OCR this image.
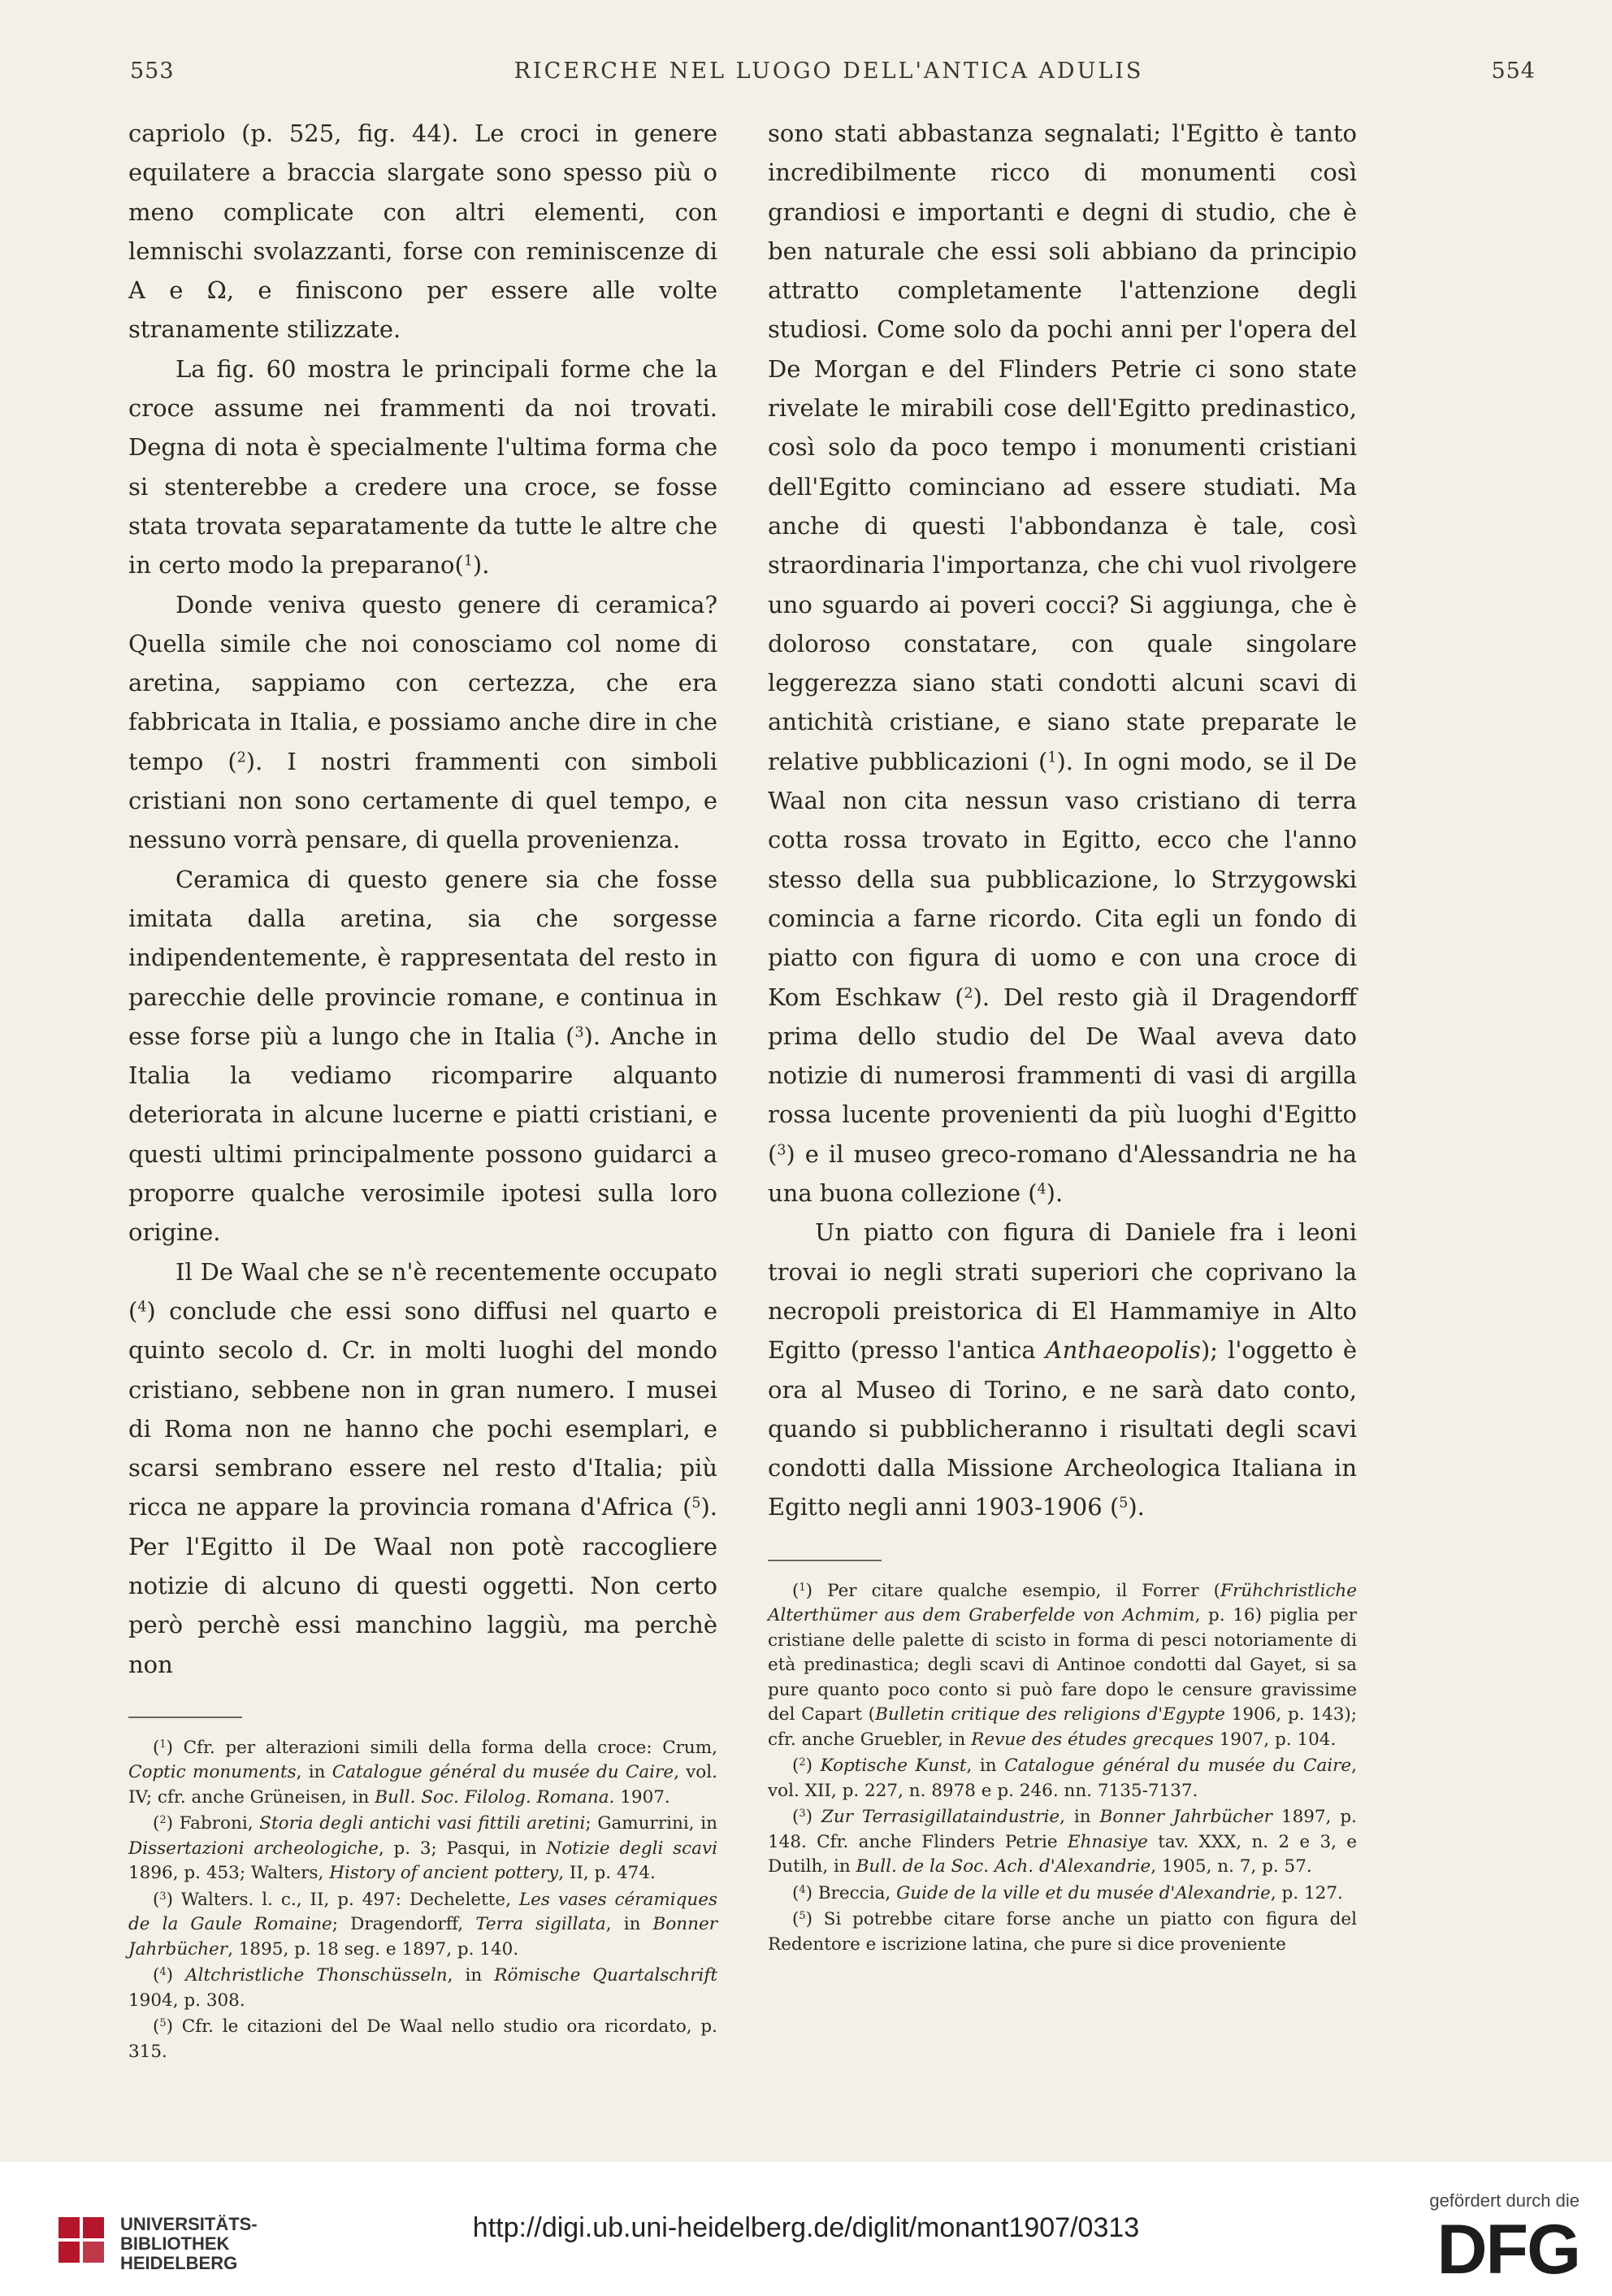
553	RICERCHE NEL LUOGO DELL'ANTICA ADULIS	554

capriolo (p. 525, fig. 44). Le croci in genere equilatere a braccia slargate sono spesso più o meno complicate con altri elementi, con lemnischi svolazzanti, forse con reminiscenze di A e Ω, e finiscono per essere alle volte stranamente stilizzate.

La fig. 60 mostra le principali forme che la croce assume nei frammenti da noi trovati. Degna di nota è specialmente l'ultima forma che si stenterebbe a credere una croce, se fosse stata trovata separatamente da tutte le altre che in certo modo la preparano($^1$).

Donde veniva questo genere di ceramica? Quella simile che noi conosciamo col nome di aretina, sappiamo con certezza, che era fabbricata in Italia, e possiamo anche dire in che tempo ($^2$). I nostri frammenti con simboli cristiani non sono certamente di quel tempo, e nessuno vorrà pensare, di quella provenienza.

Ceramica di questo genere sia che fosse imitata dalla aretina, sia che sorgesse indipendentemente, è rappresentata del resto in parecchie delle provincie romane, e continua in esse forse più a lungo che in Italia ($^3$). Anche in Italia la vediamo ricomparire alquanto deteriorata in alcune lucerne e piatti cristiani, e questi ultimi principalmente possono guidarci a proporre qualche verosimile ipotesi sulla loro origine.

Il De Waal che se n'è recentemente occupato ($^4$) conclude che essi sono diffusi nel quarto e quinto secolo d. Cr. in molti luoghi del mondo cristiano, sebbene non in gran numero. I musei di Roma non ne hanno che pochi esemplari, e scarsi sembrano essere nel resto d'Italia; più ricca ne appare la provincia romana d'Africa ($^5$). Per l'Egitto il De Waal non potè raccogliere notizie di alcuno di questi oggetti. Non certo però perchè essi manchino laggiù, ma perchè non

($^1$) Cfr. per alterazioni simili della forma della croce: Crum, Coptic monuments, in Catalogue général du musée du Caire, vol. IV; cfr. anche Grüneisen, in Bull. Soc. Filolog. Romana. 1907.

($^2$) Fabroni, Storia degli antichi vasi fittili aretini; Gamurrini, in Dissertazioni archeologiche, p. 3; Pasqui, in Notizie degli scavi 1896, p. 453; Walters, History of ancient pottery, II, p. 474.

($^3$) Walters. l. c., II, p. 497: Dechelette, Les vases céramiques de la Gaule Romaine; Dragendorff, Terra sigillata, in Bonner Jahrbücher, 1895, p. 18 seg. e 1897, p. 140.

($^4$) Altchristliche Thonschüsseln, in Römische Quartalschrift 1904, p. 308.

($^5$) Cfr. le citazioni del De Waal nello studio ora ricordato, p. 315.

sono stati abbastanza segnalati; l'Egitto è tanto incredibilmente ricco di monumenti così grandiosi e importanti e degni di studio, che è ben naturale che essi soli abbiano da principio attratto completamente l'attenzione degli studiosi. Come solo da pochi anni per l'opera del De Morgan e del Flinders Petrie ci sono state rivelate le mirabili cose dell'Egitto predinastico, così solo da poco tempo i monumenti cristiani dell'Egitto cominciano ad essere studiati. Ma anche di questi l'abbondanza è tale, così straordinaria l'importanza, che chi vuol rivolgere uno sguardo ai poveri cocci? Si aggiunga, che è doloroso constatare, con quale singolare leggerezza siano stati condotti alcuni scavi di antichità cristiane, e siano state preparate le relative pubblicazioni ($^1$). In ogni modo, se il De Waal non cita nessun vaso cristiano di terra cotta rossa trovato in Egitto, ecco che l'anno stesso della sua pubblicazione, lo Strzygowski comincia a farne ricordo. Cita egli un fondo di piatto con figura di uomo e con una croce di Kom Eschkaw ($^2$). Del resto già il Dragendorff prima dello studio del De Waal aveva dato notizie di numerosi frammenti di vasi di argilla rossa lucente provenienti da più luoghi d'Egitto ($^3$) e il museo greco-romano d'Alessandria ne ha una buona collezione ($^4$).

Un piatto con figura di Daniele fra i leoni trovai io negli strati superiori che coprivano la necropoli preistorica di El Hammamiye in Alto Egitto (presso l'antica Anthaeopolis); l'oggetto è ora al Museo di Torino, e ne sarà dato conto, quando si pubblicheranno i risultati degli scavi condotti dalla Missione Archeologica Italiana in Egitto negli anni 1903-1906 ($^5$).

($^1$) Per citare qualche esempio, il Forrer (Frühchristliche Alterthümer aus dem Graberfelde von Achmim, p. 16) piglia per cristiane delle palette di scisto in forma di pesci notoriamente di età predinastica; degli scavi di Antinoe condotti dal Gayet, si sa pure quanto poco conto si può fare dopo le censure gravissime del Capart (Bulletin critique des religions d'Egypte 1906, p. 143); cfr. anche Gruebler, in Revue des études grecques 1907, p. 104.

($^2$) Koptische Kunst, in Catalogue général du musée du Caire, vol. XII, p. 227, n. 8978 e p. 246. nn. 7135-7137.

($^3$) Zur Terrasigillataindustrie, in Bonner Jahrbücher 1897, p. 148. Cfr. anche Flinders Petrie Ehnasiye tav. XXX, n. 2 e 3, e Dutilh, in Bull. de la Soc. Ach. d'Alexandrie, 1905, n. 7, p. 57.

($^4$) Breccia, Guide de la ville et du musée d'Alexandrie, p. 127.

($^5$) Si potrebbe citare forse anche un piatto con figura del Redentore e iscrizione latina, che pure si dice proveniente

UNIVERSITÄTS-
BIBLIOTHEK
HEIDELBERG
http://digi.ub.uni-heidelberg.de/diglit/monant1907/0313
gefördert durch die
DFG
